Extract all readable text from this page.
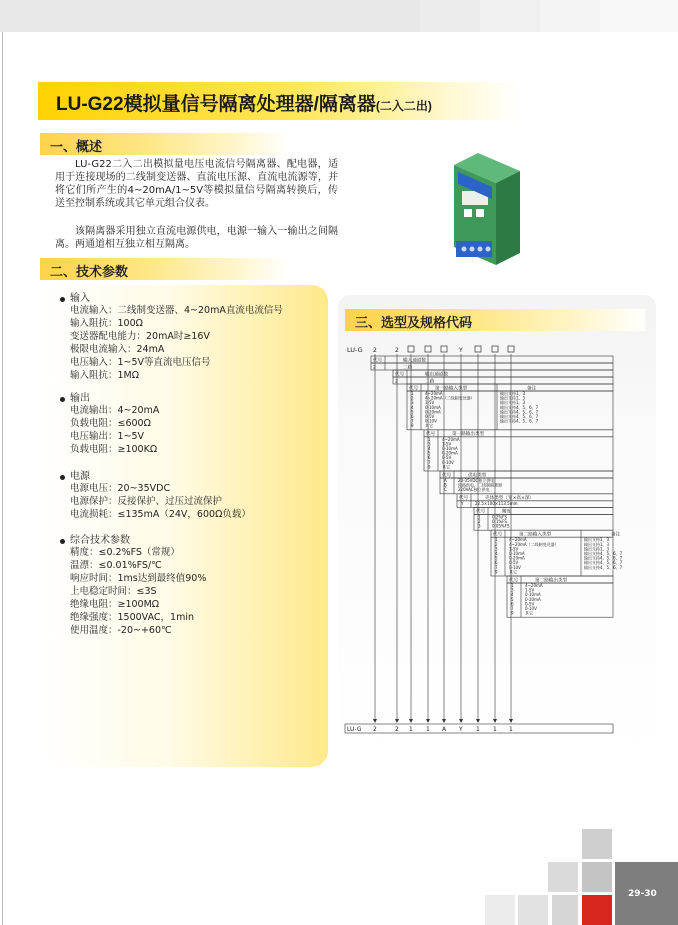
LU-G22模拟量信号隔离处理器/隔离器(二入二出)
一、概述
LU-G22二入二出模拟量电压电流信号隔离器、配电器，适用于连接现场的二线制变送器、直流电压源、直流电流源等，并将它们所产生的4~20mA/1~5V等模拟量信号隔离转换后，传送至控制系统或其它单元组合仪表。
该隔离器采用独立直流电源供电，电源一输入一输出之间隔离。两通道相互独立相互隔离。
二、技术参数
输入
电流输入：二线制变送器、4~20mA直流电流信号
输入阻抗：100Ω
变送器配电能力：20mA时≥16V
极限电流输入：24mA
电压输入：1~5V等直流电压信号
输入阻抗：1MΩ
输出
电流输出：4~20mA
负载电阻：≤600Ω
电压输出：1~5V
负载电阻：≥100KΩ
电源
电源电压：20~35VDC
电源保护：反接保护、过压过流保护
电流损耗：≤135mA（24V，600Ω负载）
综合技术参数
精度：≤0.2%FS（常规）
温漂：≤0.01%FS/℃
响应时间：1ms达到最终值90%
上电稳定时间：≤3S
绝缘电阻：≥100MΩ
绝缘强度：1500VAC，1min
使用温度：-20~+60℃
三、选型及规格代码
LU-G 2	2	Y
代号	输入通道数
2	二路
代号	输出通道数
2	二路
代号	第一路输入类型	备注
1	4~20mA	输出支持1、3
2	4~20mA（二线制变送器）	输出支持1、3
3	1-5V	输出支持1、3
4	0-10mA	输出支持4、5、6、7
5	0-20mA	输出支持4、5、6、7
6	0-5V	输出支持4、5、6、7
7	0-10V	输出支持4、5、6、7
9	其它
代号	第一路输出类型
1	4~20mA
3	1-5V
4	0-10mA
5	0-20mA
6	0-5V
7	0-10V
9	其它
代号	供电类型
A	20-35VDC独立供电
B	回路供电，二线制隔离器
C	220VAC独立供电
代号	壳体类型（宽×高×深）
Y	22.5×100×113.5mm
代号	精度
1	0.2%FS
2	0.1%FS
3	0.05%FS
代号	第二路输入类型	备注
1	4~20mA	输出支持1、3
2	4~20mA（二线制变送器）	输出支持1、3
3	1-5V	输出支持1、3
4	0-10mA	输出支持4、5、6、7
5	0-20mA	输出支持4、5、6、7
6	0-5V	输出支持4、5、6、7
7	0-10V	输出支持4、5、6、7
9	其它
代号	第二路输出类型
1	4~20mA
3	1-5V
4	0-10mA
5	0-20mA
6	0-5V
7	0-10V
9	其它
LU-G 2	2 1 1 A Y 1 1 1
29-30
